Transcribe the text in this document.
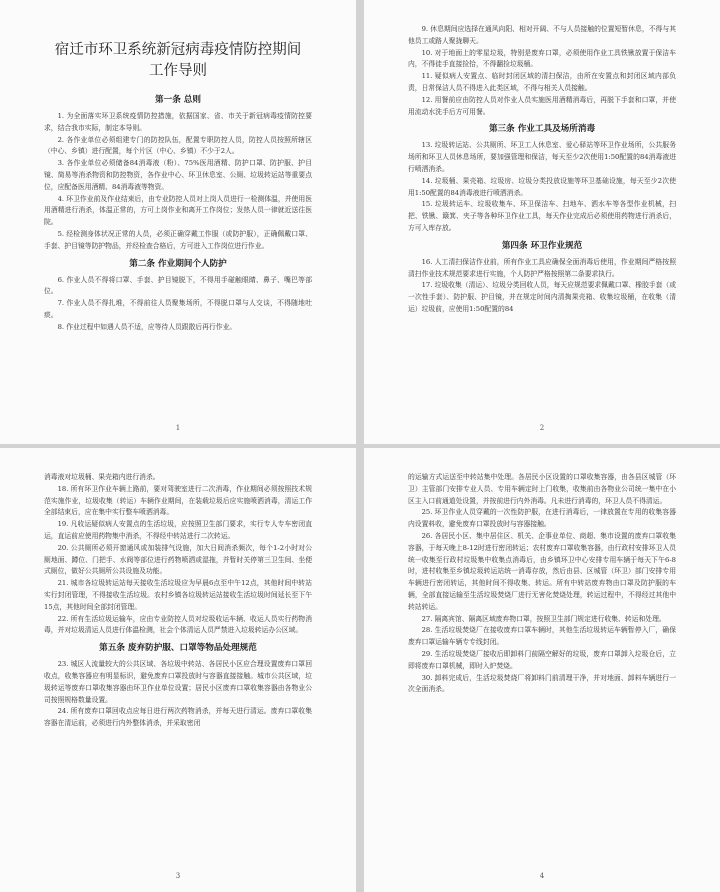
宿迁市环卫系统新冠病毒疫情防控期间
工作导则
第一条 总则

1. 为全面落实环卫系统疫情防控措施，依据国家、省、市关于新冠病毒疫情防控要求，结合我市实际，制定本导则。

2. 各作业单位必须组建专门的防控队伍，配置专职防控人员，防控人员按照所辖区（中心、乡镇）进行配置，每个片区（中心、乡镇）不少于2人。

3. 各作业单位必须储备84消毒液（粉）、75%医用酒精、防护口罩、防护服、护目镜、简易等消杀物资和防控物资，各作业中心、环卫休息室、公厕、垃圾转运站等重要点位，应配备医用酒精、84消毒液等物资。

4. 环卫作业前及作业结束后，由专业防控人员对上岗人员进行一检测体温，并使用医用酒精进行消杀，体温正常的，方可上岗作业和离开工作岗位；发热人员一律就近送往医院。

5. 经检测身体状况正常的人员，必须正确穿戴工作服（或防护服），正确佩戴口罩、手套、护目镜等防护物品，并经检查合格后，方可进入工作岗位进行作业。

第二条 作业期间个人防护

6. 作业人员不得将口罩、手套、护目镜脱下，不得用手碰触眼睛、鼻子、嘴巴等部位。

7. 作业人员不得扎堆，不得前往人员聚集场所，不得脱口罩与人交谈，不得随地吐痰。

8. 作业过程中如遇人员不适，应等待人员跟散后再行作业。

1

9. 休息期间应选择在通风向阳、相对开阔、不与人员接触的位置短暂休息，不得与其他员工或路人聚拢聊天。

10. 对于地面上的零星垃圾，特别是废弃口罩，必须使用作业工具铁锹放置于保洁车内，不得徒手直接捡拾，不得翻捡垃圾桶。

11. 疑似病人安置点、临时封闭区域的清扫保洁，由所在安置点和封闭区域内部负责，日常保洁人员不得进入此类区域，不得与相关人员接触。

12. 用餐前应由防控人员对作业人员实施医用酒精消毒后，再脱下手套和口罩，并使用流动水洗手后方可用餐。

第三条 作业工具及场所消毒

13. 垃圾转运站、公共厕所、环卫工人休息室、爱心驿站等环卫作业场所，公共服务场所和环卫人员休息场所，要加强管理和保洁，每天至少2次使用1:50配置的84消毒液进行喷洒消杀。

14. 垃圾桶、果壳箱、垃圾房、垃圾分类投放设施等环卫基础设施，每天至少2次使用1:50配置的84消毒液进行喷洒消杀。

15. 垃圾转运车、垃圾收集车、环卫保洁车、扫地车、洒水车等各型作业机械，扫把、铁锹、簸箕、夹子等各种环卫作业工具，每天作业完成后必须使用药物进行消杀后，方可入库存放。

第四条 环卫作业规范

16. 人工清扫保洁作业前，所有作业工具应确保全面消毒后使用，作业期间严格按照清扫作业技术规范要求进行实施，个人防护严格按照第二条要求执行。

17. 垃圾收集（清运）、垃圾分类回收人员，每天应规范要求佩戴口罩、橡胶手套（或一次性手套）、防护服、护目镜，并在规定时间内清掏果壳箱、收集垃圾桶，在收集（清运）垃圾前，应使用1:50配置的84

2

消毒液对垃圾桶、果壳箱内进行消杀。

18. 所有环卫作业车辆上路前，要对驾驶室进行二次消毒，作业期间必须按照技术规范实施作业，垃圾收集（转运）车辆作业期间，在装载垃圾后应实施喷洒消毒，清运工作全部结束后，应在集中实行整车喷洒消毒。

19. 凡收运疑似病人安置点的生活垃圾，应按照卫生部门要求，实行专人专车密闭直运，直运前应使用药物集中消杀，不得经中转站进行二次转运。

20. 公共厕所必须开窗通风或加装排气设施，加大日间消杀频次，每个1-2小时对公厕地面、蹲位、门把手、水阀等部位进行药物喷洒或湿拖，并暂时关停第三卫生间、坐便式厕位，做好公共厕所公共设施及功能。

21. 城市各垃圾转运站每天接收生活垃圾应为早晨6点至中午12点，其他时间中转站实行封闭管理，不得接收生活垃圾。农村乡镇各垃圾转运站接收生活垃圾时间延长至下午15点，其他时间全部封闭管理。

22. 所有生活垃圾运输车，应由专业防控人员对垃圾收运车辆、收运人员实行药物消毒，并对垃圾清运人员进行体温检测，社会个体清运人员严禁进入垃圾转运办公区域。

第五条 废弃防护服、口罩等物品处理规范

23. 城区人流量较大的公共区域、各垃圾中转站、各居民小区应合理设置废弃口罩回收点，收集容器应有明显标识，避免废弃口罩投放时与容器直接接触。城市公共区域，垃圾转运等废弃口罩收集容器由环卫作业单位设置；居民小区废弃口罩收集容器由各物业公司按照规格数量设置。

24. 所有废弃口罩回收点应每日进行两次药物消杀，并每天进行清运。废弃口罩收集容器在清运前，必须进行内外整体消杀，并采取密闭

3

的运输方式运送至中转站集中处理。各居民小区设置的口罩收集容器，由各县区城管（环卫）主管部门安排专业人员、专用车辆定时上门收集，收集前由各物业公司统一集中在小区主入口前通道处设置，并按前进行内外消毒。凡未进行消毒的，环卫人员不得清运。

25. 环卫作业人员穿戴的一次性防护服，在进行消毒后，一律放置在专用的收集容器内设置料收，避免废弃口罩投放时与容器接触。

26. 各居民小区、集中居住区、机关、企事业单位、商超、集市设置的废弃口罩收集容器，于每天晚上8-12时进行密闭转运；农村废弃口罩收集容器，由行政村安排环卫人员统一收集至行政村垃圾集中收集点消毒后，由乡镇环卫中心安排专用车辆于每天下午6-8时，进村收集至乡镇垃圾转运站统一消毒存放，然后由县、区城管（环卫）部门安排专用车辆进行密闭转运，其他时间不得收集、转运。所有中转站废弃物由口罩及防护服的车辆，全部直接运输至生活垃圾焚烧厂进行无害化焚烧处理，转运过程中，不得经过其他中转站转运。

27. 隔离宾馆、隔离区域废弃物口罩，按照卫生部门规定进行收集、转运和处理。

28. 生活垃圾焚烧厂在接收废弃口罩车辆时，其他生活垃圾转运车辆暂停入厂，确保废弃口罩运输车辆专专线封闭。

29. 生活垃圾焚烧厂接收后即卸料门前隔空解好的垃圾，废弃口罩卸入垃圾仓后，立即将废弃口罩机械，即时入炉焚烧。

30. 卸料完成后，生活垃圾焚烧厂将卸料门前清理干净，并对地面、卸料车辆进行一次全面消杀。

4
